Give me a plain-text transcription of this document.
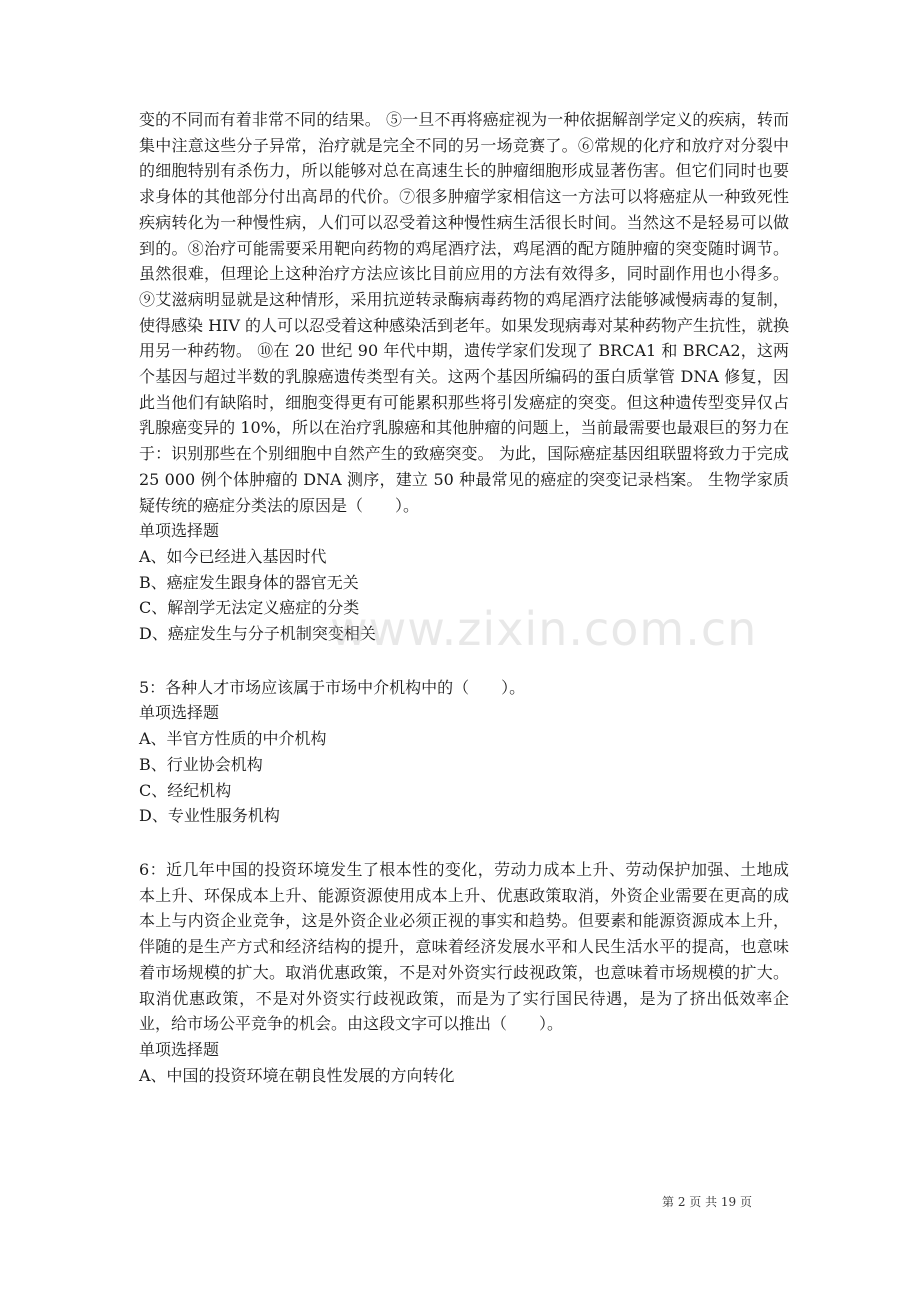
变的不同而有着非常不同的结果。 ⑤一旦不再将癌症视为一种依据解剖学定义的疾病，转而集中注意这些分子异常，治疗就是完全不同的另一场竞赛了。⑥常规的化疗和放疗对分裂中的细胞特别有杀伤力，所以能够对总在高速生长的肿瘤细胞形成显著伤害。但它们同时也要求身体的其他部分付出高昂的代价。⑦很多肿瘤学家相信这一方法可以将癌症从一种致死性疾病转化为一种慢性病，人们可以忍受着这种慢性病生活很长时间。当然这不是轻易可以做到的。⑧治疗可能需要采用靶向药物的鸡尾酒疗法，鸡尾酒的配方随肿瘤的突变随时调节。虽然很难，但理论上这种治疗方法应该比目前应用的方法有效得多，同时副作用也小得多。⑨艾滋病明显就是这种情形，采用抗逆转录酶病毒药物的鸡尾酒疗法能够减慢病毒的复制，使得感染 HIV 的人可以忍受着这种感染活到老年。如果发现病毒对某种药物产生抗性，就换用另一种药物。 ⑩在 20 世纪 90 年代中期，遗传学家们发现了 BRCA1 和 BRCA2，这两个基因与超过半数的乳腺癌遗传类型有关。这两个基因所编码的蛋白质掌管 DNA 修复，因此当他们有缺陷时，细胞变得更有可能累积那些将引发癌症的突变。但这种遗传型变异仅占乳腺癌变异的 10%，所以在治疗乳腺癌和其他肿瘤的问题上，当前最需要也最艰巨的努力在于：识别那些在个别细胞中自然产生的致癌突变。 为此，国际癌症基因组联盟将致力于完成 25 000 例个体肿瘤的 DNA 测序，建立 50 种最常见的癌症的突变记录档案。 生物学家质疑传统的癌症分类法的原因是（　　）。

单项选择题

A、如今已经进入基因时代

B、癌症发生跟身体的器官无关

C、解剖学无法定义癌症的分类

D、癌症发生与分子机制突变相关

5：各种人才市场应该属于市场中介机构中的（　　）。

单项选择题

A、半官方性质的中介机构

B、行业协会机构

C、经纪机构

D、专业性服务机构

6：近几年中国的投资环境发生了根本性的变化，劳动力成本上升、劳动保护加强、土地成本上升、环保成本上升、能源资源使用成本上升、优惠政策取消，外资企业需要在更高的成本上与内资企业竞争，这是外资企业必须正视的事实和趋势。但要素和能源资源成本上升，伴随的是生产方式和经济结构的提升，意味着经济发展水平和人民生活水平的提高，也意味着市场规模的扩大。取消优惠政策，不是对外资实行歧视政策，也意味着市场规模的扩大。取消优惠政策，不是对外资实行歧视政策，而是为了实行国民待遇，是为了挤出低效率企业，给市场公平竞争的机会。由这段文字可以推出（　　）。

单项选择题

A、中国的投资环境在朝良性发展的方向转化

www.zixin.com.cn
第 2 页 共 19 页
